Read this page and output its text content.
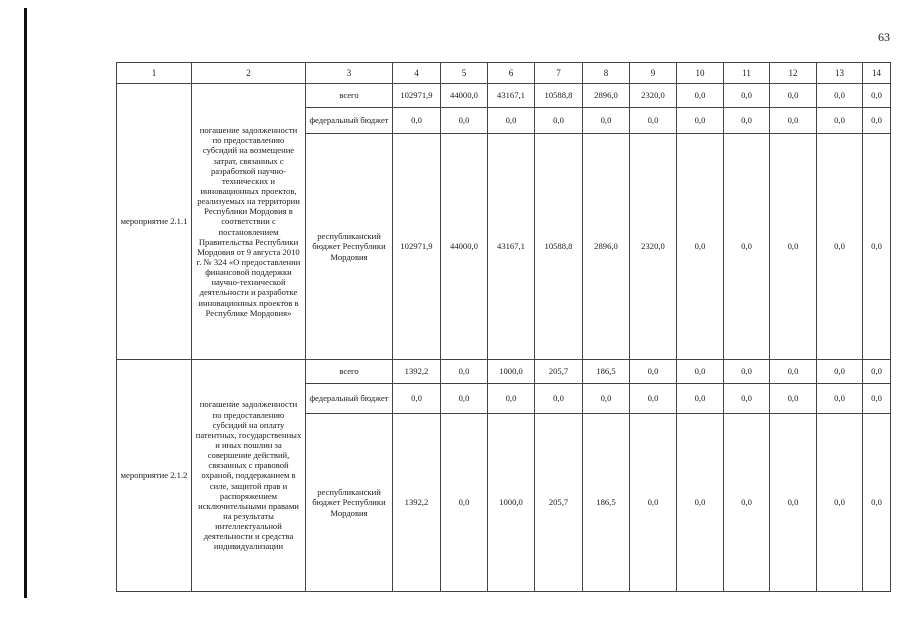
63
1	2	3	4	5	6	7	8	9	10	11	12	13	14
мероприятие 2.1.1	погашение задолженности по предоставлению субсидий на возмещение затрат, связанных с разработкой научно-технических и инновационных проектов, реализуемых на территории Республики Мордовия в соответствии с постановлением Правительства Республики Мордовия от 9 августа 2010 г. № 324 «О предоставлении финансовой поддержки научно-технической деятельности и разработке инновационных проектов в Республике Мордовия»	всего	102971,9	44000,0	43167,1	10588,8	2896,0	2320,0	0,0	0,0	0,0	0,0	0,0
		федеральный бюджет	0,0	0,0	0,0	0,0	0,0	0,0	0,0	0,0	0,0	0,0	0,0
		республиканский бюджет Республики Мордовия	102971,9	44000,0	43167,1	10588,8	2896,0	2320,0	0,0	0,0	0,0	0,0	0,0
мероприятие 2.1.2	погашение задолженности по предоставлению субсидий на оплату патентных, государственных и иных пошлин за совершение действий, связанных с правовой охраной, поддержанием в силе, защитой прав и распоряжением исключительными правами на результаты интеллектуальной деятельности и средства индивидуализации	всего	1392,2	0,0	1000,0	205,7	186,5	0,0	0,0	0,0	0,0	0,0	0,0
		федеральный бюджет	0,0	0,0	0,0	0,0	0,0	0,0	0,0	0,0	0,0	0,0	0,0
		республиканский бюджет Республики Мордовия	1392,2	0,0	1000,0	205,7	186,5	0,0	0,0	0,0	0,0	0,0	0,0
